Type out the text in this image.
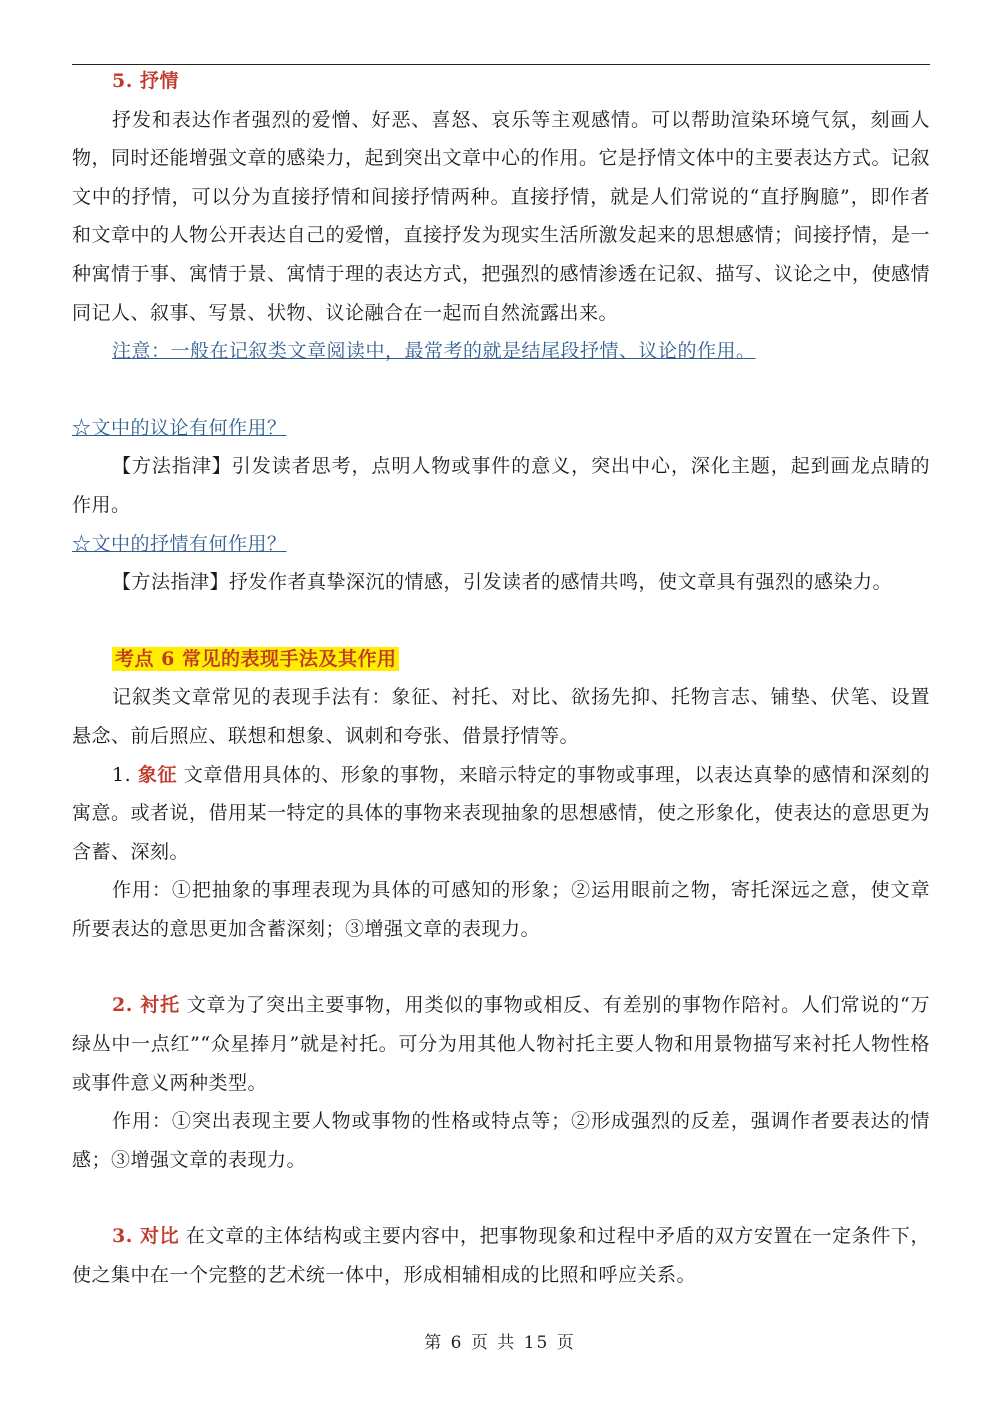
5. 抒情

抒发和表达作者强烈的爱憎、好恶、喜怒、哀乐等主观感情。可以帮助渲染环境气氛，刻画人物，同时还能增强文章的感染力，起到突出文章中心的作用。它是抒情文体中的主要表达方式。记叙文中的抒情，可以分为直接抒情和间接抒情两种。直接抒情，就是人们常说的“直抒胸臆”，即作者和文章中的人物公开表达自己的爱憎，直接抒发为现实生活所激发起来的思想感情；间接抒情，是一种寓情于事、寓情于景、寓情于理的表达方式，把强烈的感情渗透在记叙、描写、议论之中，使感情同记人、叙事、写景、状物、议论融合在一起而自然流露出来。

注意：一般在记叙类文章阅读中，最常考的就是结尾段抒情、议论的作用。

☆文中的议论有何作用？

【方法指津】引发读者思考，点明人物或事件的意义，突出中心，深化主题，起到画龙点睛的作用。

☆文中的抒情有何作用？

【方法指津】抒发作者真挚深沉的情感，引发读者的感情共鸣，使文章具有强烈的感染力。

考点 6 常见的表现手法及其作用

记叙类文章常见的表现手法有：象征、衬托、对比、欲扬先抑、托物言志、铺垫、伏笔、设置悬念、前后照应、联想和想象、讽刺和夸张、借景抒情等。

1. 象征 文章借用具体的、形象的事物，来暗示特定的事物或事理，以表达真挚的感情和深刻的寓意。或者说，借用某一特定的具体的事物来表现抽象的思想感情，使之形象化，使表达的意思更为含蓄、深刻。

作用：①把抽象的事理表现为具体的可感知的形象；②运用眼前之物，寄托深远之意，使文章所要表达的意思更加含蓄深刻；③增强文章的表现力。

2. 衬托 文章为了突出主要事物，用类似的事物或相反、有差别的事物作陪衬。人们常说的“万绿丛中一点红”“众星捧月”就是衬托。可分为用其他人物衬托主要人物和用景物描写来衬托人物性格或事件意义两种类型。

作用：①突出表现主要人物或事物的性格或特点等；②形成强烈的反差，强调作者要表达的情感；③增强文章的表现力。

3. 对比 在文章的主体结构或主要内容中，把事物现象和过程中矛盾的双方安置在一定条件下，使之集中在一个完整的艺术统一体中，形成相辅相成的比照和呼应关系。

第 6 页 共 15 页
